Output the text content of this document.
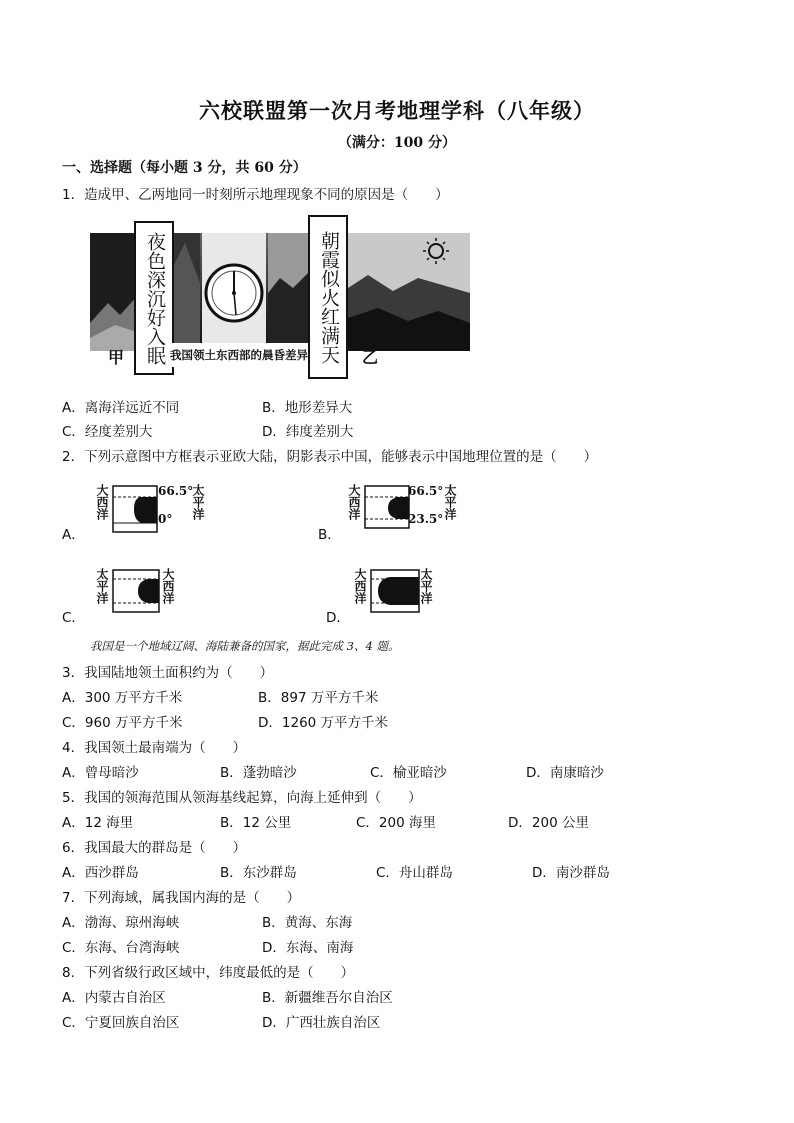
六校联盟第一次月考地理学科（八年级）
（满分：100 分）
一、选择题（每小题 3 分，共 60 分）
1．造成甲、乙两地同一时刻所示地理现象不同的原因是（　　）
夜色深沉好入眠	朝霞似火红满天
我国领土东西部的晨昏差异
甲	乙
A．离海洋远近不同	B．地形差异大
C．经度差别大	D．纬度差别大
2．下列示意图中方框表示亚欧大陆，阴影表示中国，能够表示中国地理位置的是（　　）
A．
大西洋	66.5°
0° 太平洋
B．
大西洋	66.5°
23.5° 太平洋
C．
太平洋	大西洋
D．
大西洋	太平洋
我国是一个地域辽阔、海陆兼备的国家，据此完成 3、4 题。
3．我国陆地领土面积约为（　　）
A．300 万平方千米	B．897 万平方千米
C．960 万平方千米	D．1260 万平方千米
4．我国领土最南端为（　　）
A．曾母暗沙	B．蓬勃暗沙	C．榆亚暗沙	D．南康暗沙
5．我国的领海范围从领海基线起算，向海上延伸到（　　）
A．12 海里	B．12 公里	C．200 海里	D．200 公里
6．我国最大的群岛是（　　）
A．西沙群岛	B．东沙群岛	C．舟山群岛	D．南沙群岛
7．下列海域，属我国内海的是（　　）
A．渤海、琼州海峡	B．黄海、东海
C．东海、台湾海峡	D．东海、南海
8．下列省级行政区域中，纬度最低的是（　　）
A．内蒙古自治区	B．新疆维吾尔自治区
C．宁夏回族自治区	D．广西壮族自治区
